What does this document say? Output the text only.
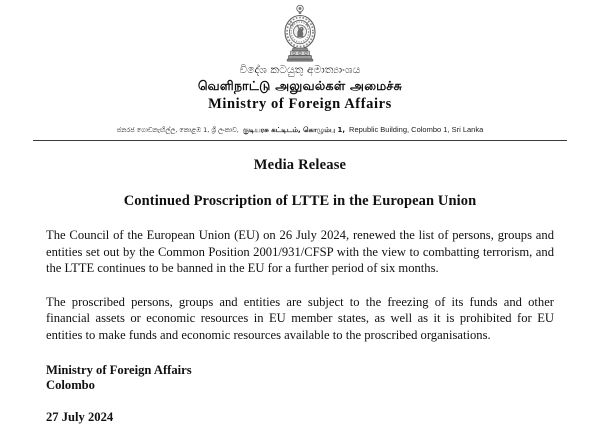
විදේශ කටයුතු අමාත්‍යාංශය
வெளிநாட்டு அலுவல்கள் அமைச்சு
Ministry of Foreign Affairs
ජනරජ ගොඩනැඟිල්ල, කොළඹ 1, ශ්‍රී ලංකාව, குடியரசு கட்டிடம், கொழும்பு 1, Republic Building, Colombo 1, Sri Lanka
Media Release
Continued Proscription of LTTE in the European Union

The Council of the European Union (EU) on 26 July 2024, renewed the list of persons, groups and entities set out by the Common Position 2001/931/CFSP with the view to combatting terrorism, and the LTTE continues to be banned in the EU for a further period of six months.

The proscribed persons, groups and entities are subject to the freezing of its funds and other financial assets or economic resources in EU member states, as well as it is prohibited for EU entities to make funds and economic resources available to the proscribed organisations.

Ministry of Foreign Affairs
Colombo
27 July 2024
